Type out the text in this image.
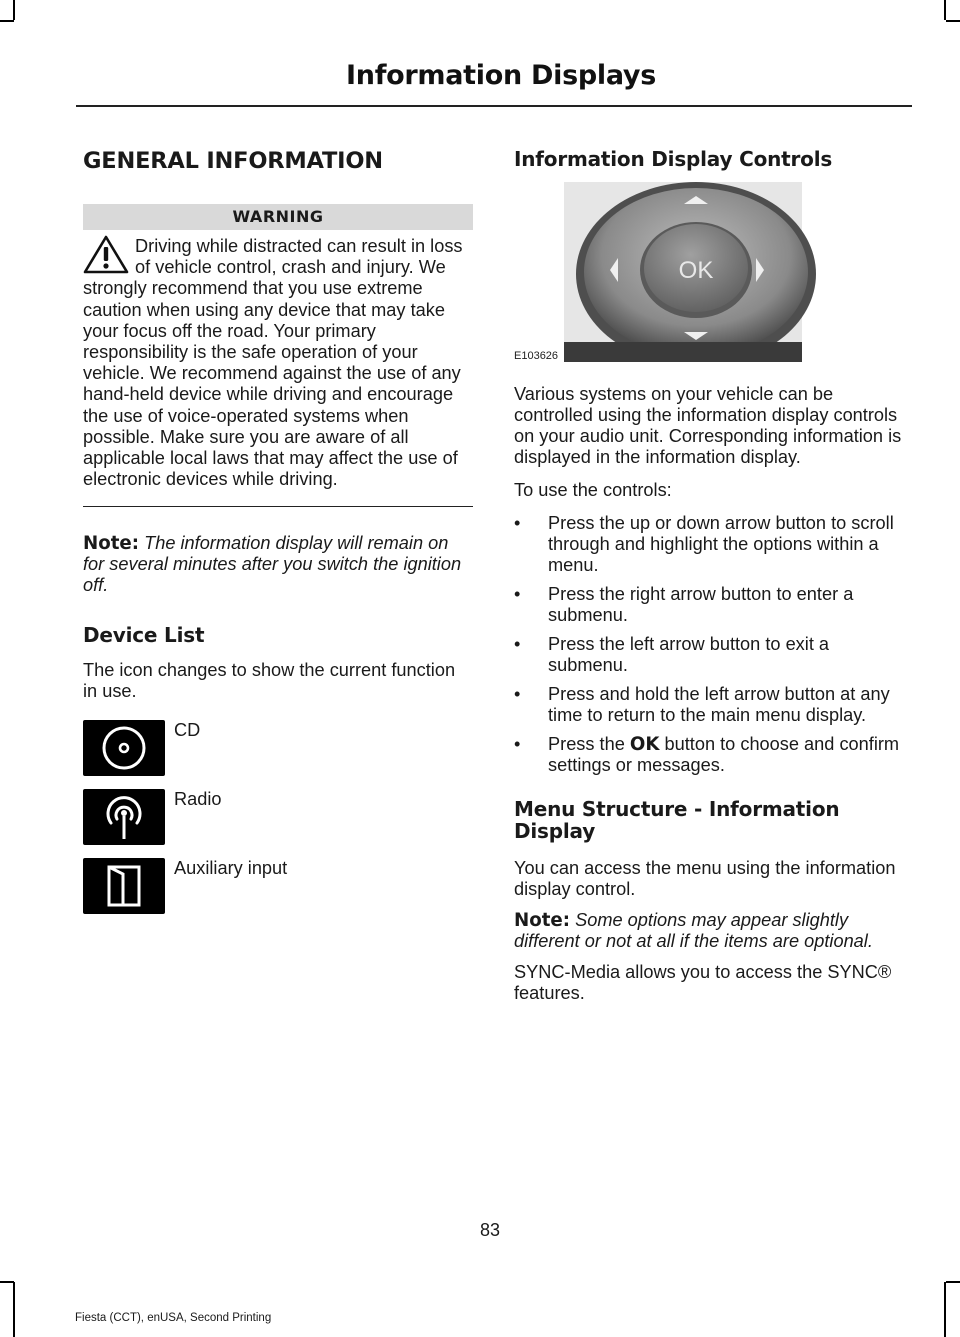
Information Displays
GENERAL INFORMATION
WARNING
Driving while distracted can result in loss of vehicle control, crash and injury. We strongly recommend that you use extreme caution when using any device that may take your focus off the road. Your primary responsibility is the safe operation of your vehicle. We recommend against the use of any hand-held device while driving and encourage the use of voice-operated systems when possible. Make sure you are aware of all applicable local laws that may affect the use of electronic devices while driving.

Note: The information display will remain on for several minutes after you switch the ignition off.

Device List

The icon changes to show the current function in use.

CD
Radio
Auxiliary input
Information Display Controls
OK
E103626

Various systems on your vehicle can be controlled using the information display controls on your audio unit. Corresponding information is displayed in the information display.

To use the controls:

• Press the up or down arrow button to scroll through and highlight the options within a menu.
• Press the right arrow button to enter a submenu.
• Press the left arrow button to exit a submenu.
• Press and hold the left arrow button at any time to return to the main menu display.
• Press the OK button to choose and confirm settings or messages.
Menu Structure - Information Display

You can access the menu using the information display control.

Note: Some options may appear slightly different or not at all if the items are optional.

SYNC-Media allows you to access the SYNC® features.

83
Fiesta (CCT), enUSA, Second Printing
